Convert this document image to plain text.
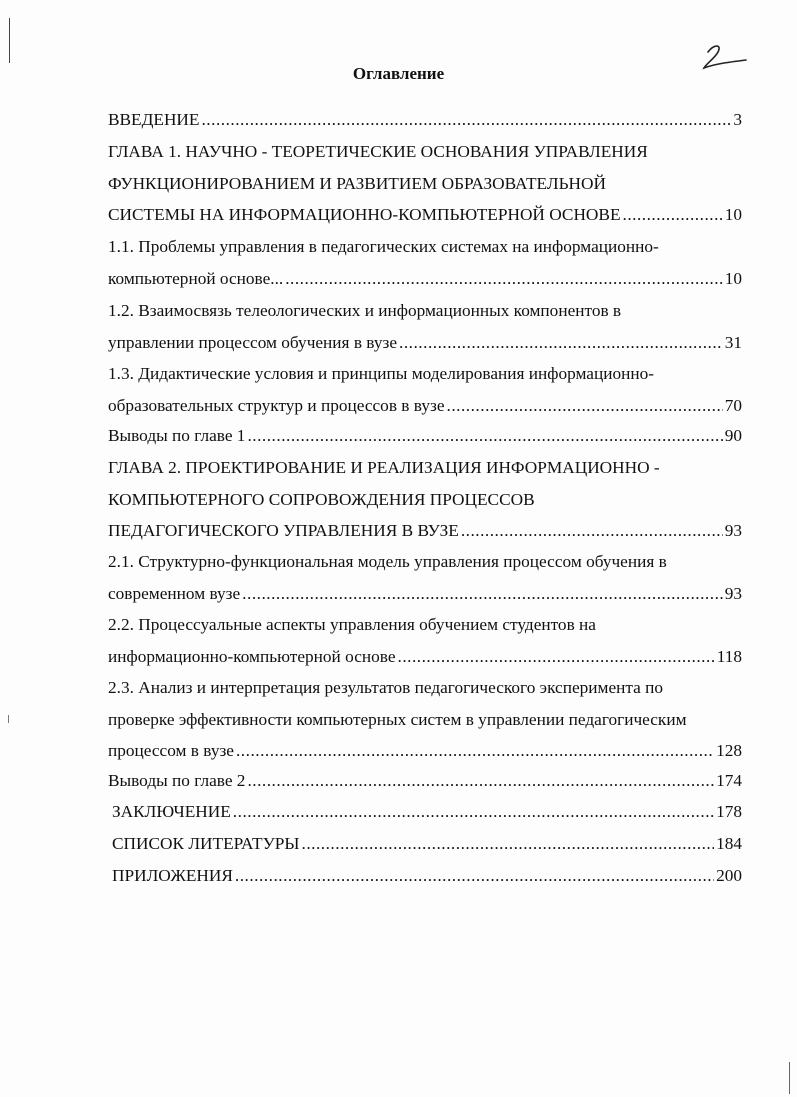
Оглавление
ВВЕДЕНИЕ .....	3
ГЛАВА 1. НАУЧНО - ТЕОРЕТИЧЕСКИЕ ОСНОВАНИЯ УПРАВЛЕНИЯ
ФУНКЦИОНИРОВАНИЕМ И РАЗВИТИЕМ ОБРАЗОВАТЕЛЬНОЙ
СИСТЕМЫ НА ИНФОРМАЦИОННО-КОМПЬЮТЕРНОЙ ОСНОВЕ .....	10
1.1. Проблемы управления в педагогических системах на информационно-
компьютерной основе... .....	10
1.2. Взаимосвязь телеологических и информационных компонентов в
управлении процессом обучения в вузе .....	31
1.3. Дидактические условия и принципы моделирования информационно-
образовательных структур и процессов в вузе .....	70
Выводы по главе 1 .....	90
ГЛАВА 2. ПРОЕКТИРОВАНИЕ И РЕАЛИЗАЦИЯ ИНФОРМАЦИОННО -
КОМПЬЮТЕРНОГО СОПРОВОЖДЕНИЯ ПРОЦЕССОВ
ПЕДАГОГИЧЕСКОГО УПРАВЛЕНИЯ В ВУЗЕ .....	93
2.1. Структурно-функциональная модель управления процессом обучения в
современном вузе .....	93
2.2. Процессуальные аспекты управления обучением студентов на
информационно-компьютерной основе .....	118
2.3. Анализ и интерпретация результатов педагогического эксперимента по
проверке эффективности компьютерных систем в управлении педагогическим
процессом в вузе .....	128
Выводы по главе 2 .....	174
ЗАКЛЮЧЕНИЕ .....	178
СПИСОК ЛИТЕРАТУРЫ .....	184
ПРИЛОЖЕНИЯ .....	200
